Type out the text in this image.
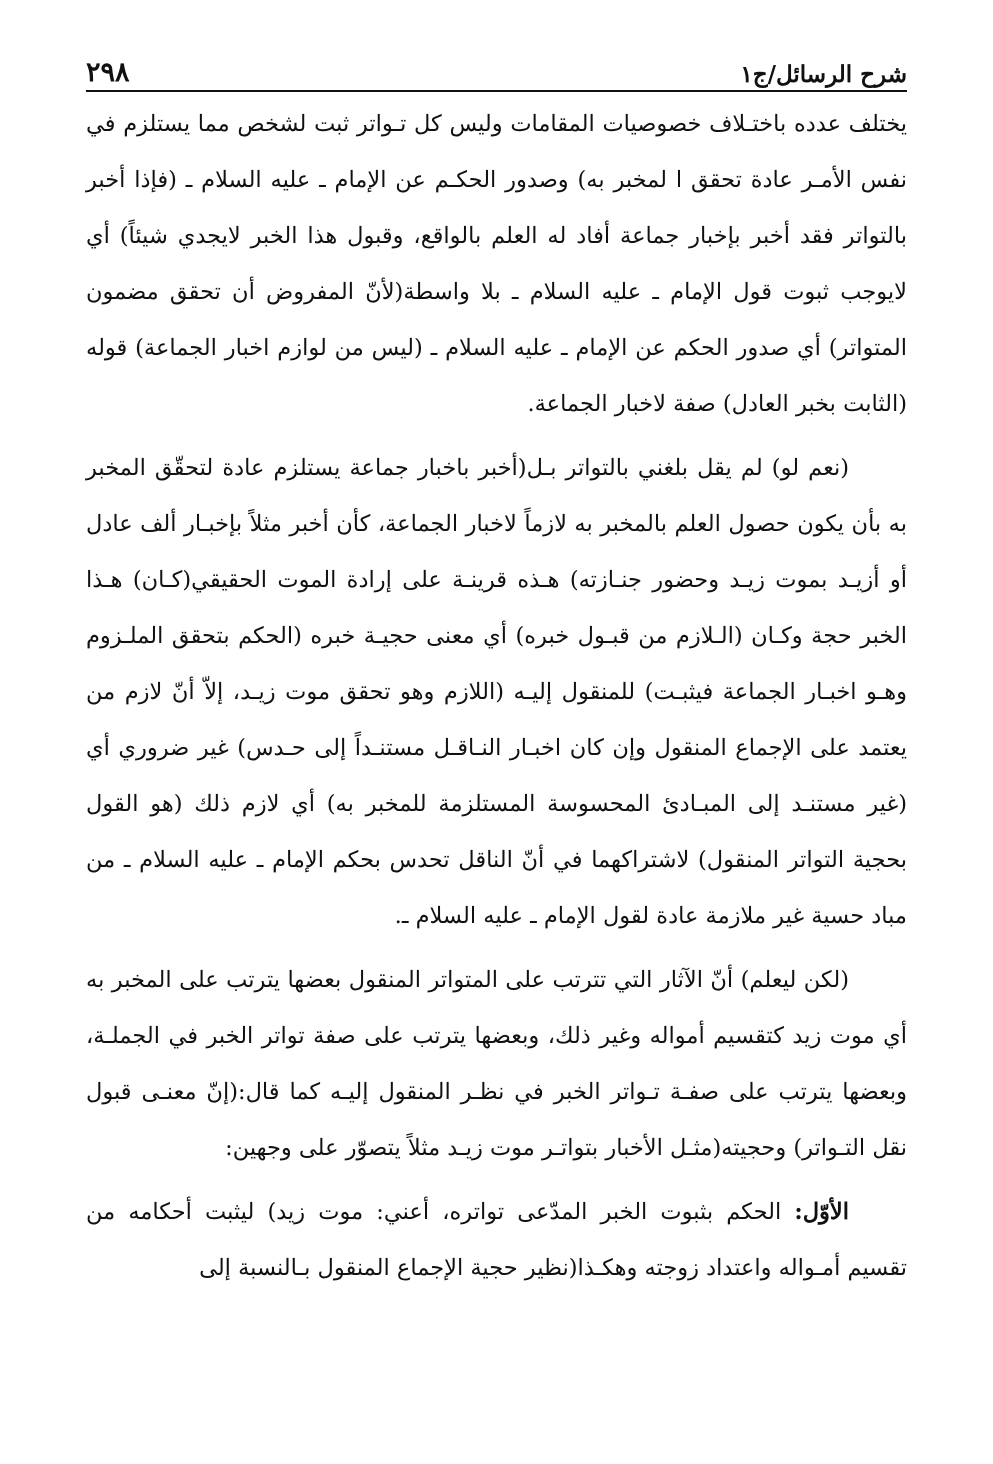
شرح الرسائل/ج١
٢٩٨

يختلف عدده باختـلاف خصوصيات المقامات وليس كل تـواتر ثبت لشخص مما يستلزم في نفس الأمـر عادة تحقق ا لمخبر به) وصدور الحكـم عن الإمام ـ عليه السلام ـ (فإذا أخبر بالتواتر فقد أخبر بإخبار جماعة أفاد له العلم بالواقع، وقبول هذا الخبر لايجدي شيئاً) أي لايوجب ثبوت قول الإمام ـ عليه السلام ـ بلا واسطة(لأنّ المفروض أن تحقق مضمون المتواتر) أي صدور الحكم عن الإمام ـ عليه السلام ـ (ليس من لوازم اخبار الجماعة) قوله (الثابت بخبر العادل) صفة لاخبار الجماعة.

(نعم لو) لم يقل بلغني بالتواتر بـل(أخبر باخبار جماعة يستلزم عادة لتحقّق المخبر به بأن يكون حصول العلم بالمخبر به لازماً لاخبار الجماعة، كأن أخبر مثلاً بإخبـار ألف عادل أو أزيـد بموت زيـد وحضور جنـازته) هـذه قرينـة على إرادة الموت الحقيقي(كـان) هـذا الخبر حجة وكـان (الـلازم من قبـول خبره) أي معنى حجيـة خبره (الحكم بتحقق الملـزوم وهـو اخبـار الجماعة فيثبـت) للمنقول إليـه (اللازم وهو تحقق موت زيـد، إلاّ أنّ لازم من يعتمد على الإجماع المنقول وإن كان اخبـار النـاقـل مستنـداً إلى حـدس) غير ضروري أي (غير مستنـد إلى المبـادئ المحسوسة المستلزمة للمخبر به) أي لازم ذلك (هو القول بحجية التواتر المنقول) لاشتراكهما في أنّ الناقل تحدس بحكم الإمام ـ عليه السلام ـ من مباد حسية غير ملازمة عادة لقول الإمام ـ عليه السلام ـ.

(لكن ليعلم) أنّ الآثار التي تترتب على المتواتر المنقول بعضها يترتب على المخبر به أي موت زيد كتقسيم أمواله وغير ذلك، وبعضها يترتب على صفة تواتر الخبر في الجملـة، وبعضها يترتب على صفـة تـواتر الخبر في نظـر المنقول إليـه كما قال:(إنّ معنـى قبول نقل التـواتر) وحجيته(مثـل الأخبار بتواتـر موت زيـد مثلاً يتصوّر على وجهين:

الأوّل: الحكم بثبوت الخبر المدّعى تواتره، أعني: موت زيد) ليثبت أحكامه من تقسيم أمـواله واعتداد زوجته وهكـذا(نظير حجية الإجماع المنقول بـالنسبة إلى
